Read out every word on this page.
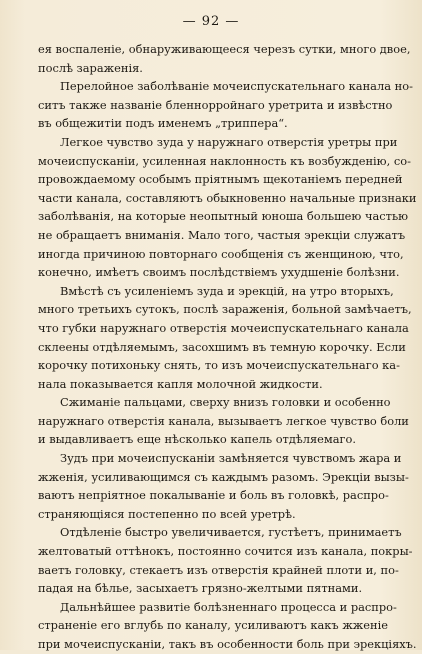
— 92 —
ея воспаленіе, обнаруживающееся черезъ сутки, много двое,
послѣ зараженія.
Перелойное заболѣваніе мочеиспускательнаго канала но-
ситъ также названіе бленнорройнаго уретрита и извѣстно
въ общежитіи подъ именемъ „триппера“.
Легкое чувство зуда у наружнаго отверстія уретры при
мочеиспусканіи, усиленная наклонность къ возбужденію, со-
провождаемому особымъ пріятнымъ щекотаніемъ передней
части канала, составляютъ обыкновенно начальные признаки
заболѣванія, на которые неопытный юноша большею частью
не обращаетъ вниманія. Мало того, частыя эрекціи служатъ
иногда причиною повторнаго сообщенія съ женщиною, что,
конечно, имѣетъ своимъ послѣдствіемъ ухудшеніе болѣзни.
Вмѣстѣ съ усиленіемъ зуда и эрекцій, на утро вторыхъ,
много третьихъ сутокъ, послѣ зараженія, больной замѣчаетъ,
что губки наружнаго отверстія мочеиспускательнаго канала
склеены отдѣляемымъ, засохшимъ въ темную корочку. Если
корочку потихоньку снять, то изъ мочеиспускательнаго ка-
нала показывается капля молочной жидкости.
Сжиманіе пальцами, сверху внизъ головки и особенно
наружнаго отверстія канала, вызываетъ легкое чувство боли
и выдавливаетъ еще нѣсколько капель отдѣляемаго.
Зудъ при мочеиспусканіи замѣняется чувствомъ жара и
жженія, усиливающимся съ каждымъ разомъ. Эрекціи вызы-
ваютъ непріятное покалываніе и боль въ головкѣ, распро-
страняющіяся постепенно по всей уретрѣ.
Отдѣленіе быстро увеличивается, густѣетъ, принимаетъ
желтоватый оттѣнокъ, постоянно сочится изъ канала, покры-
ваетъ головку, стекаетъ изъ отверстія крайней плоти и, по-
падая на бѣлье, засыхаетъ грязно-желтыми пятнами.
Дальнѣйшее развитіе болѣзненнаго процесса и распро-
страненіе его вглубь по каналу, усиливаютъ какъ жженіе
при мочеиспусканіи, такъ въ особенности боль при эрекціяхъ.
